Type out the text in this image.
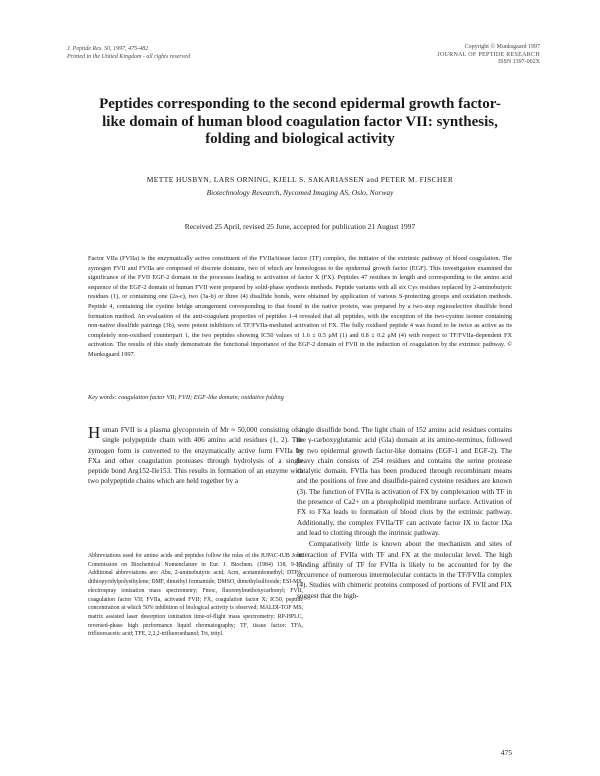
J. Peptide Res. 50, 1997, 475-482
Printed in the United Kingdom - all rights reserved
Copyright © Munksgaard 1997
JOURNAL OF PEPTIDE RESEARCH
ISSN 1397-002X
Peptides corresponding to the second epidermal growth factor-like domain of human blood coagulation factor VII: synthesis, folding and biological activity
METTE HUSBYN, LARS ORNING, KJELL S. SAKARIASSEN and PETER M. FISCHER
Biotechnology Research, Nycomed Imaging AS, Oslo, Norway
Received 25 April, revised 25 June, accepted for publication 21 August 1997

Factor VIIa (FVIIa) is the enzymatically active constituent of the FVIIa/tissue factor (TF) complex, the initiator of the extrinsic pathway of blood coagulation. The zymogen FVII and FVIIa are composed of discrete domains, two of which are homologous to the epidermal growth factor (EGF). This investigation examined the significance of the FVII EGF-2 domain in the processes leading to activation of factor X (FX). Peptides 47 residues in length and corresponding to the amino acid sequence of the EGF-2 domain of human FVII were prepared by solid-phase synthesis methods. Peptide variants with all six Cys residues replaced by 2-aminobutyric residues (1), or containing one (2a-c), two (3a-b) or three (4) disulfide bonds, were obtained by application of various S-protecting groups and oxidation methods. Peptide 4, containing the cystine bridge arrangement corresponding to that found in the native protein, was prepared by a two-step regioselective disulfide bond formation method. An evaluation of the anti-coagulant properties of peptides 1-4 revealed that all peptides, with the exception of the two-cystine isomer containing non-native disulfide pairings (3b), were potent inhibitors of TF/FVIIa-mediated activation of FX. The fully oxidised peptide 4 was found to be twice as active as its completely non-oxidised counterpart 1, the two peptides showing IC50 values of 1.6 ± 0.5 μM (1) and 0.8 ± 0.2 μM (4) with respect to TF/FVIIa-dependent FX activation. The results of this study demonstrate the functional importance of the EGF-2 domain of FVII in the induction of coagulation by the extrinsic pathway. © Munksgaard 1997.

Key words: coagulation factor VII; FVII; EGF-like domain; oxidative folding

Human FVII is a plasma glycoprotein of Mr ≈ 50,000 consisting of a single polypeptide chain with 406 amino acid residues (1, 2). The zymogen form is converted to the enzymatically active form FVIIa by FXa and other coagulation proteases through hydrolysis of a single peptide bond Arg152-Ile153. This results in formation of an enzyme with two polypeptide chains which are held together by a

Abbreviations used for amino acids and peptides follow the rules of the IUPAC-IUB Joint Commission on Biochemical Nomenclature in Eur. J. Biochem. (1984) 138, 9-37. Additional abbreviations are: Abu, 2-aminobutyric acid; Acm, acetamidomethyl; DTPA, dithiopyridylpolyethylene; DMF, dimethyl formamide; DMSO, dimethylsulfoxide; ESI-MS, electrospray ionization mass spectrometry; Fmoc, fluorenylmethoxycarbonyl; FVII, coagulation factor VII; FVIIa, activated FVII; FX, coagulation factor X; IC50, peptide concentration at which 50% inhibition of biological activity is observed; MALDI-TOF MS, matrix assisted laser desorption ionization time-of-flight mass spectrometry; RP-HPLC, reversed-phase high performance liquid chromatography; TF, tissue factor; TFA, trifluoroacetic acid; TFE, 2,2,2-trifluoroethanol; Trt, trityl.

single disulfide bond. The light chain of 152 amino acid residues contains the γ-carboxyglutamic acid (Gla) domain at its amino-terminus, followed by two epidermal growth factor-like domains (EGF-1 and EGF-2). The heavy chain consists of 254 residues and contains the serine protease catalytic domain. FVIIa has been produced through recombinant means and the positions of free and disulfide-paired cysteine residues are known (3). The function of FVIIa is activation of FX by complexation with TF in the presence of Ca2+ on a phospholipid membrane surface. Activation of FX to FXa leads to formation of blood clots by the extrinsic pathway. Additionally, the complex FVIIa/TF can activate factor IX to factor IXa and lead to clotting through the intrinsic pathway.

Comparatively little is known about the mechanism and sites of interaction of FVIIa with TF and FX at the molecular level. The high binding affinity of TF for FVIIa is likely to be accounted for by the occurrence of numerous intermolecular contacts in the TF/FVIIa complex (4). Studies with chimeric proteins composed of portions of FVII and FIX suggest that the high-

475
